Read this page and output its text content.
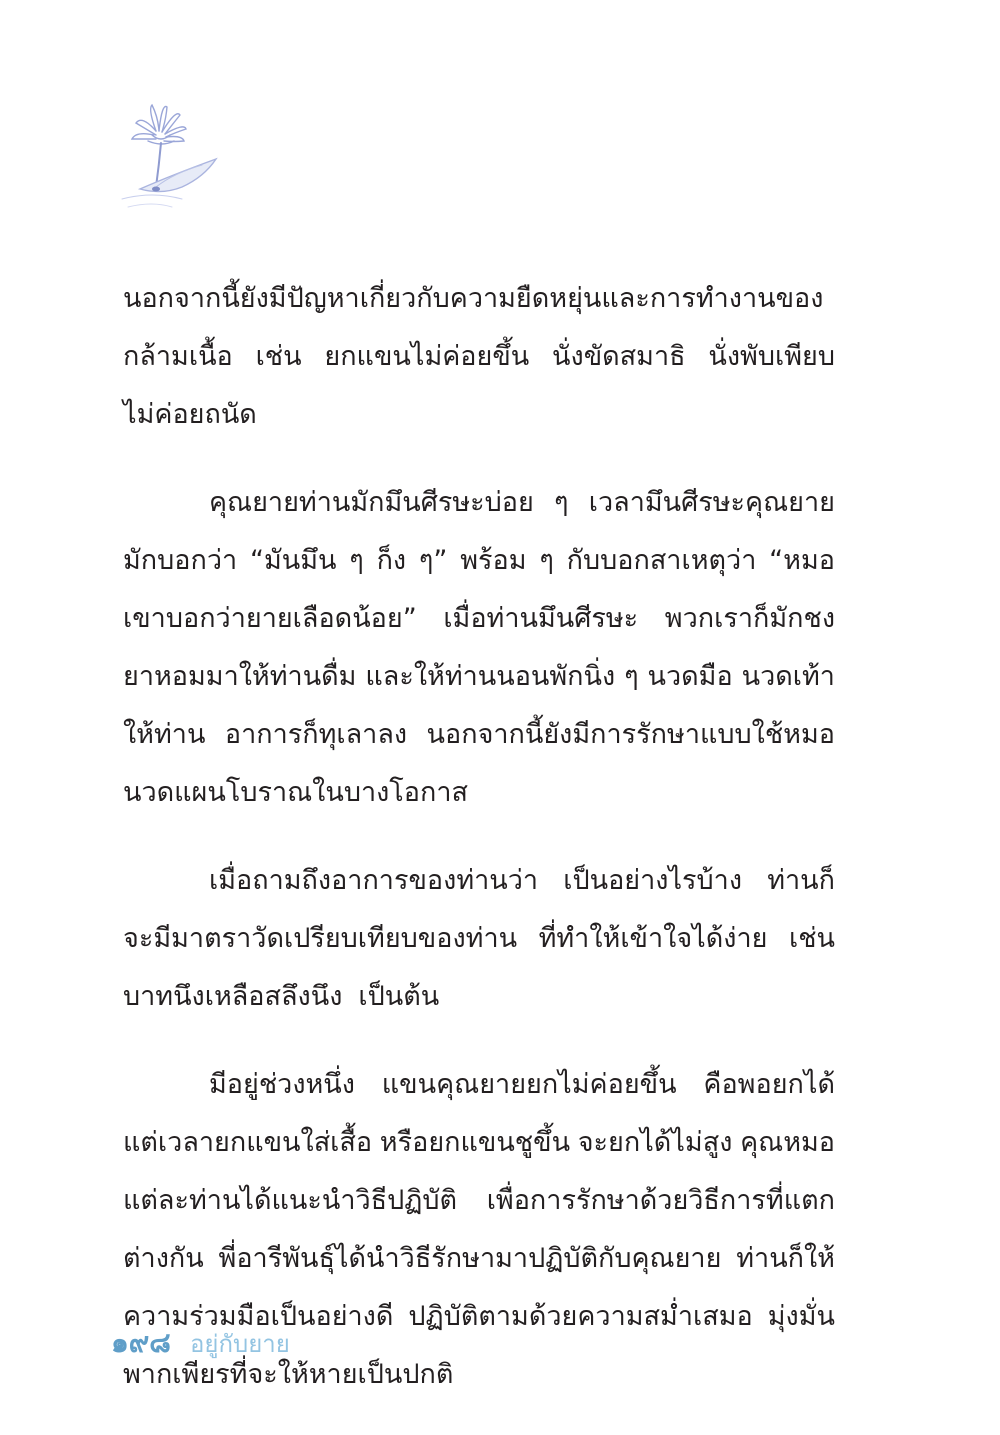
นอกจากนี้ยังมีปัญหาเกี่ยวกับความยืดหยุ่นและการทำงานของ
กล้ามเนื้อ เช่น ยกแขนไม่ค่อยขึ้น นั่งขัดสมาธิ นั่งพับเพียบ
ไม่ค่อยถนัด
คุณยายท่านมักมึนศีรษะบ่อย ๆ เวลามึนศีรษะคุณยาย
มักบอกว่า “มันมึน ๆ ก็ง ๆ” พร้อม ๆ กับบอกสาเหตุว่า “หมอ
เขาบอกว่ายายเลือดน้อย” เมื่อท่านมึนศีรษะ พวกเราก็มักชง
ยาหอมมาให้ท่านดื่ม และให้ท่านนอนพักนิ่ง ๆ นวดมือ นวดเท้า
ให้ท่าน อาการก็ทุเลาลง นอกจากนี้ยังมีการรักษาแบบใช้หมอ
นวดแผนโบราณในบางโอกาส
เมื่อถามถึงอาการของท่านว่า เป็นอย่างไรบ้าง ท่านก็
จะมีมาตราวัดเปรียบเทียบของท่าน ที่ทำให้เข้าใจได้ง่าย เช่น
บาทนึงเหลือสลึงนึง เป็นต้น
มีอยู่ช่วงหนึ่ง แขนคุณยายยกไม่ค่อยขึ้น คือพอยกได้
แต่เวลายกแขนใส่เสื้อ หรือยกแขนชูขึ้น จะยกได้ไม่สูง คุณหมอ
แต่ละท่านได้แนะนำวิธีปฏิบัติ เพื่อการรักษาด้วยวิธีการที่แตก
ต่างกัน พี่อารีพันธุ์ได้นำวิธีรักษามาปฏิบัติกับคุณยาย ท่านก็ให้
ความร่วมมือเป็นอย่างดี ปฏิบัติตามด้วยความสม่ำเสมอ มุ่งมั่น
พากเพียรที่จะให้หายเป็นปกติ
๑๙๘ อยู่กับยาย
